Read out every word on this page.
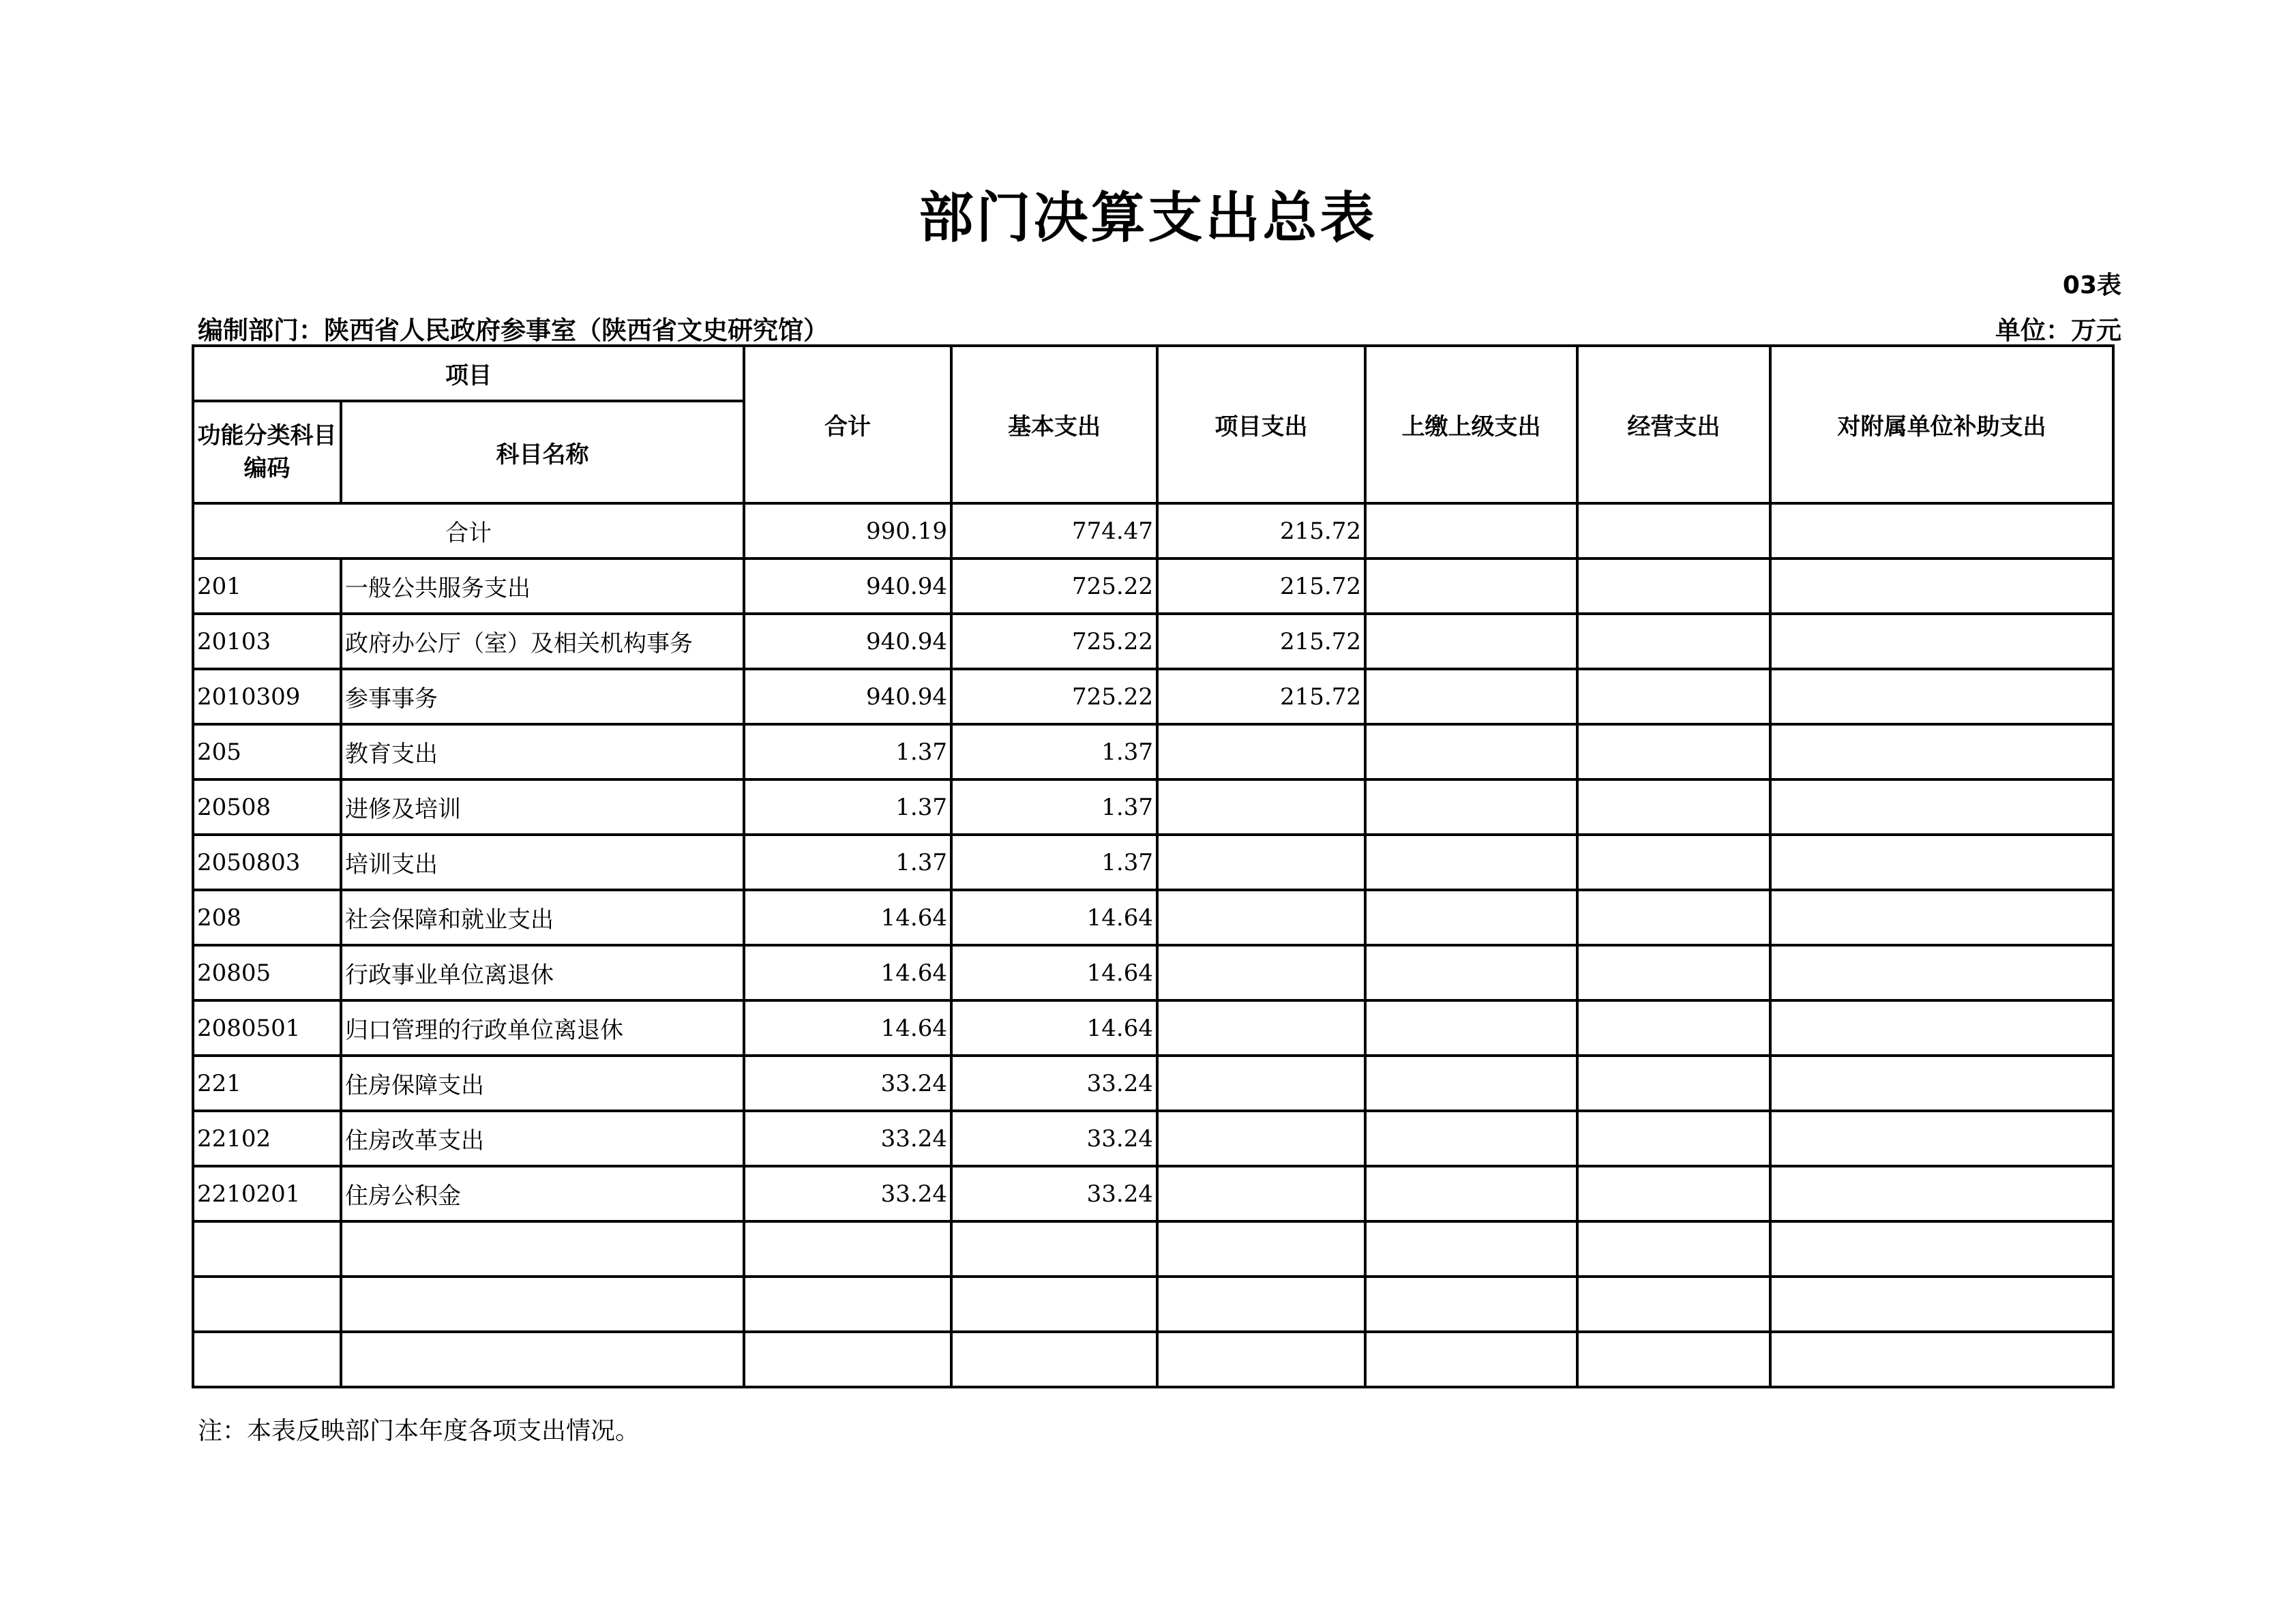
部门决算支出总表
03表
编制部门：陕西省人民政府参事室（陕西省文史研究馆）	单位：万元
项目		合计	基本支出	项目支出	上缴上级支出	经营支出	对附属单位补助支出
功能分类科目编码	科目名称						
合计		990.19	774.47	215.72			
201	一般公共服务支出	940.94	725.22	215.72			
20103	政府办公厅（室）及相关机构事务	940.94	725.22	215.72			
2010309	参事事务	940.94	725.22	215.72			
205	教育支出	1.37	1.37				
20508	进修及培训	1.37	1.37				
2050803	培训支出	1.37	1.37				
208	社会保障和就业支出	14.64	14.64				
20805	行政事业单位离退休	14.64	14.64				
2080501	归口管理的行政单位离退休	14.64	14.64				
221	住房保障支出	33.24	33.24				
22102	住房改革支出	33.24	33.24				
2210201	住房公积金	33.24	33.24				

注：本表反映部门本年度各项支出情况。
